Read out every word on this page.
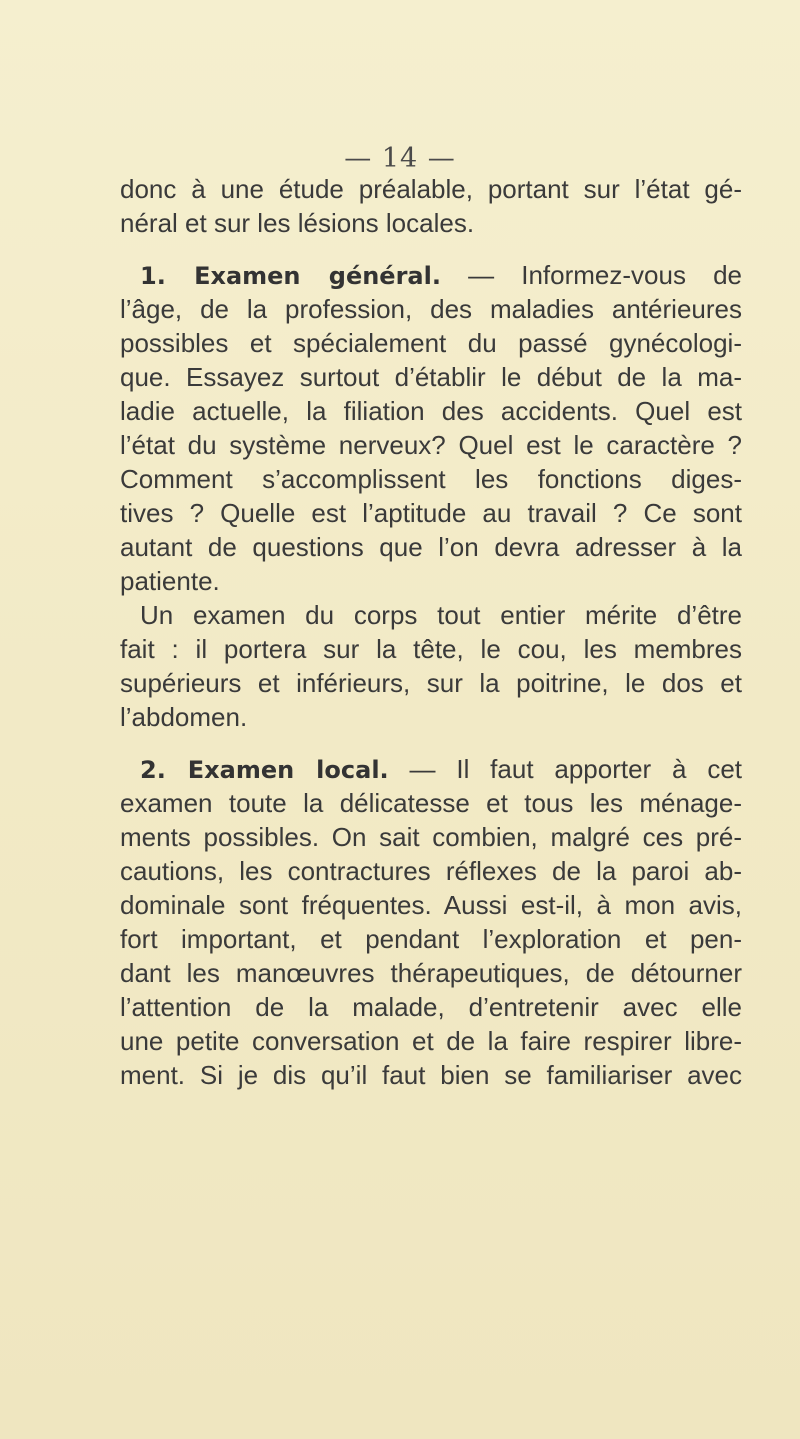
— 14 —
donc à une étude préalable, portant sur l’état gé-
néral et sur les lésions locales.
1. Examen général. — Informez-vous de
l’âge, de la profession, des maladies antérieures
possibles et spécialement du passé gynécologi-
que. Essayez surtout d’établir le début de la ma-
ladie actuelle, la filiation des accidents. Quel est
l’état du système nerveux? Quel est le caractère ?
Comment s’accomplissent les fonctions diges-
tives ? Quelle est l’aptitude au travail ? Ce sont
autant de questions que l’on devra adresser à la
patiente.
Un examen du corps tout entier mérite d’être
fait : il portera sur la tête, le cou, les membres
supérieurs et inférieurs, sur la poitrine, le dos et
l’abdomen.
2. Examen local. — Il faut apporter à cet
examen toute la délicatesse et tous les ménage-
ments possibles. On sait combien, malgré ces pré-
cautions, les contractures réflexes de la paroi ab-
dominale sont fréquentes. Aussi est-il, à mon avis,
fort important, et pendant l’exploration et pen-
dant les manœuvres thérapeutiques, de détourner
l’attention de la malade, d’entretenir avec elle
une petite conversation et de la faire respirer libre-
ment. Si je dis qu’il faut bien se familiariser avec
